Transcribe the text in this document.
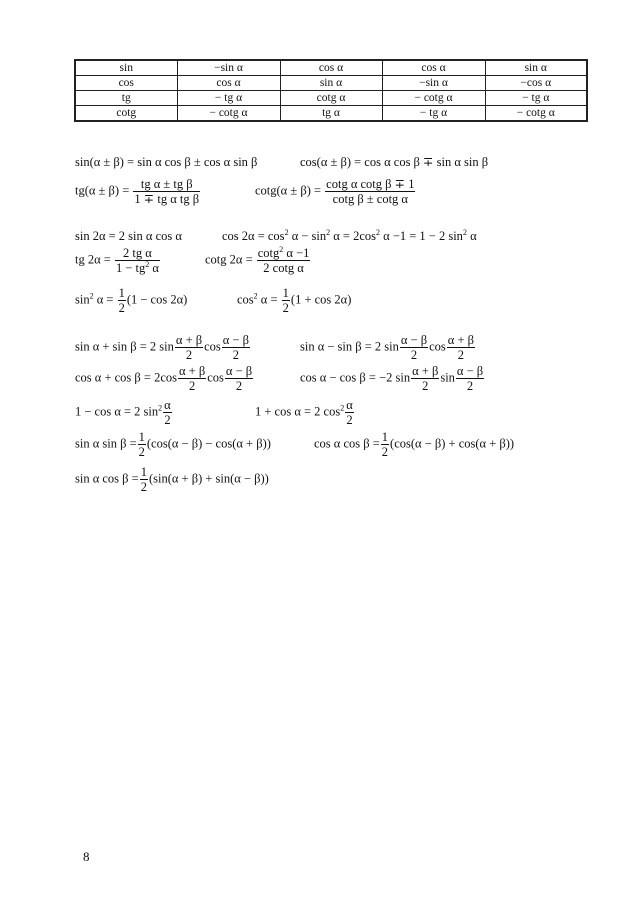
sin	−sin α	cos α	cos α	sin α
cos	cos α	sin α	−sin α	−cos α
tg	− tg α	cotg α	− cotg α	− tg α
cotg	− cotg α	tg α	− tg α	− cotg α
sin(α ± β) = sin α cos β ± cos α sin β	cos(α ± β) = cos α cos β ∓ sin α sin β
$tg(\alpha \pm \beta) = \frac{\text{tg α ± tg β}}{\text{1 ∓ tg α tg β}}$	$\cot g(\alpha \pm \beta) = \frac{\text{cotg α cotg β ∓ 1}}{\text{cotg β ± cotg α}}$
sin 2α = 2 sin α cos α	$\cos 2\alpha = \cos^2 \alpha - \sin^2 \alpha = 2\cos^2$ α −1 = 1 − 2 $\sin^2 \alpha$
tg $2\alpha = \frac{\text{2 tg α}}{1 - tg^2 \alpha}$	cotg $2\alpha = \frac{\cot g^2 \alpha -1}{\text{2 cotg α}}$
$\sin^2 \alpha = \frac{1}{2} (1 - \cos 2\alpha)$	$\cos^2 \alpha = \frac{1}{2} (1 + \cos 2\alpha)$
sin α + sin β = 2 $\sin \frac{\alpha + \beta}{2}$ $\cos \frac{\alpha - \beta}{2}$	sin α − sin β = 2 $\sin \frac{\alpha - \beta}{2}$ $\cos \frac{\alpha + \beta}{2}$
$\cos \alpha + \cos \beta = 2\cos \frac{\alpha + \beta}{2}$ $\cos \frac{\alpha - \beta}{2}$	cos α − cos β = −2 $\sin \frac{\alpha + \beta}{2}$ $\sin \frac{\alpha - \beta}{2}$
1 − cos α = 2 $\sin^2 \frac{\alpha}{2}$	1 + cos α = 2 $\cos^2 \frac{\alpha}{2}$
sin α $\sin \beta = \frac{1}{2} (\cos(\alpha - \beta) - \cos(\alpha + \beta))$	cos α $\cos \beta = \frac{1}{2} (\cos(\alpha - \beta) + \cos(\alpha + \beta))$
sin α $\cos \beta = \frac{1}{2} (\sin(\alpha + \beta) + \sin(\alpha - \beta))$
8
